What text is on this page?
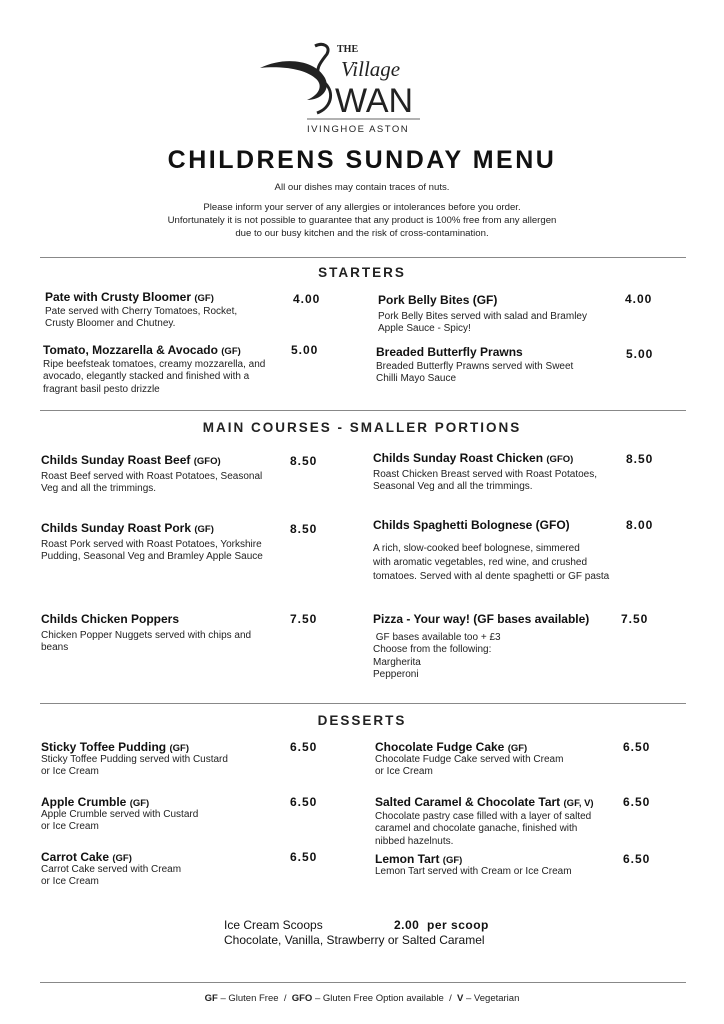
THE
Village
WAN
IVINGHOE ASTON
CHILDRENS SUNDAY MENU
All our dishes may contain traces of nuts.
Please inform your server of any allergies or intolerances before you order.
Unfortunately it is not possible to guarantee that any product is 100% free from any allergen
due to our busy kitchen and the risk of cross-contamination.
STARTERS
Pate with Crusty Bloomer (GF)
Pate served with Cherry Tomatoes, Rocket,
Crusty Bloomer and Chutney.
4.00	Pork Belly Bites (GF)
Pork Belly Bites served with salad and Bramley
Apple Sauce - Spicy!
4.00
Tomato, Mozzarella & Avocado (GF)
Ripe beefsteak tomatoes, creamy mozzarella, and
avocado, elegantly stacked and finished with a
fragrant basil pesto drizzle
5.00	Breaded Butterfly Prawns
Breaded Butterfly Prawns served with Sweet
Chilli Mayo Sauce
5.00
MAIN COURSES - SMALLER PORTIONS
Childs Sunday Roast Beef (GFO)
Roast Beef served with Roast Potatoes, Seasonal
Veg and all the trimmings.
8.50	Childs Sunday Roast Chicken (GFO)
Roast Chicken Breast served with Roast Potatoes,
Seasonal Veg and all the trimmings.
8.50
Childs Sunday Roast Pork (GF)
Roast Pork served with Roast Potatoes, Yorkshire
Pudding, Seasonal Veg and Bramley Apple Sauce
8.50	Childs Spaghetti Bolognese (GFO)
A rich, slow-cooked beef bolognese, simmered
with aromatic vegetables, red wine, and crushed
tomatoes. Served with al dente spaghetti or GF pasta
8.00
Childs Chicken Poppers
Chicken Popper Nuggets served with chips and
beans
7.50	Pizza - Your way! (GF bases available)
GF bases available too + £3
Choose from the following:
Margherita
Pepperoni
7.50
DESSERTS
Sticky Toffee Pudding (GF)
Sticky Toffee Pudding served with Custard
or Ice Cream
6.50	Chocolate Fudge Cake (GF)
Chocolate Fudge Cake served with Cream
or Ice Cream
6.50
Apple Crumble (GF)
Apple Crumble served with Custard
or Ice Cream
6.50	Salted Caramel & Chocolate Tart (GF, V)
Chocolate pastry case filled with a layer of salted
caramel and chocolate ganache, finished with
nibbed hazelnuts.
6.50
Carrot Cake (GF)
Carrot Cake served with Cream
or Ice Cream
6.50	Lemon Tart (GF)
Lemon Tart served with Cream or Ice Cream
6.50
Ice Cream Scoops	2.00  per scoop
Chocolate, Vanilla, Strawberry or Salted Caramel
GF – Gluten Free  /  GFO – Gluten Free Option available  /  V – Vegetarian
